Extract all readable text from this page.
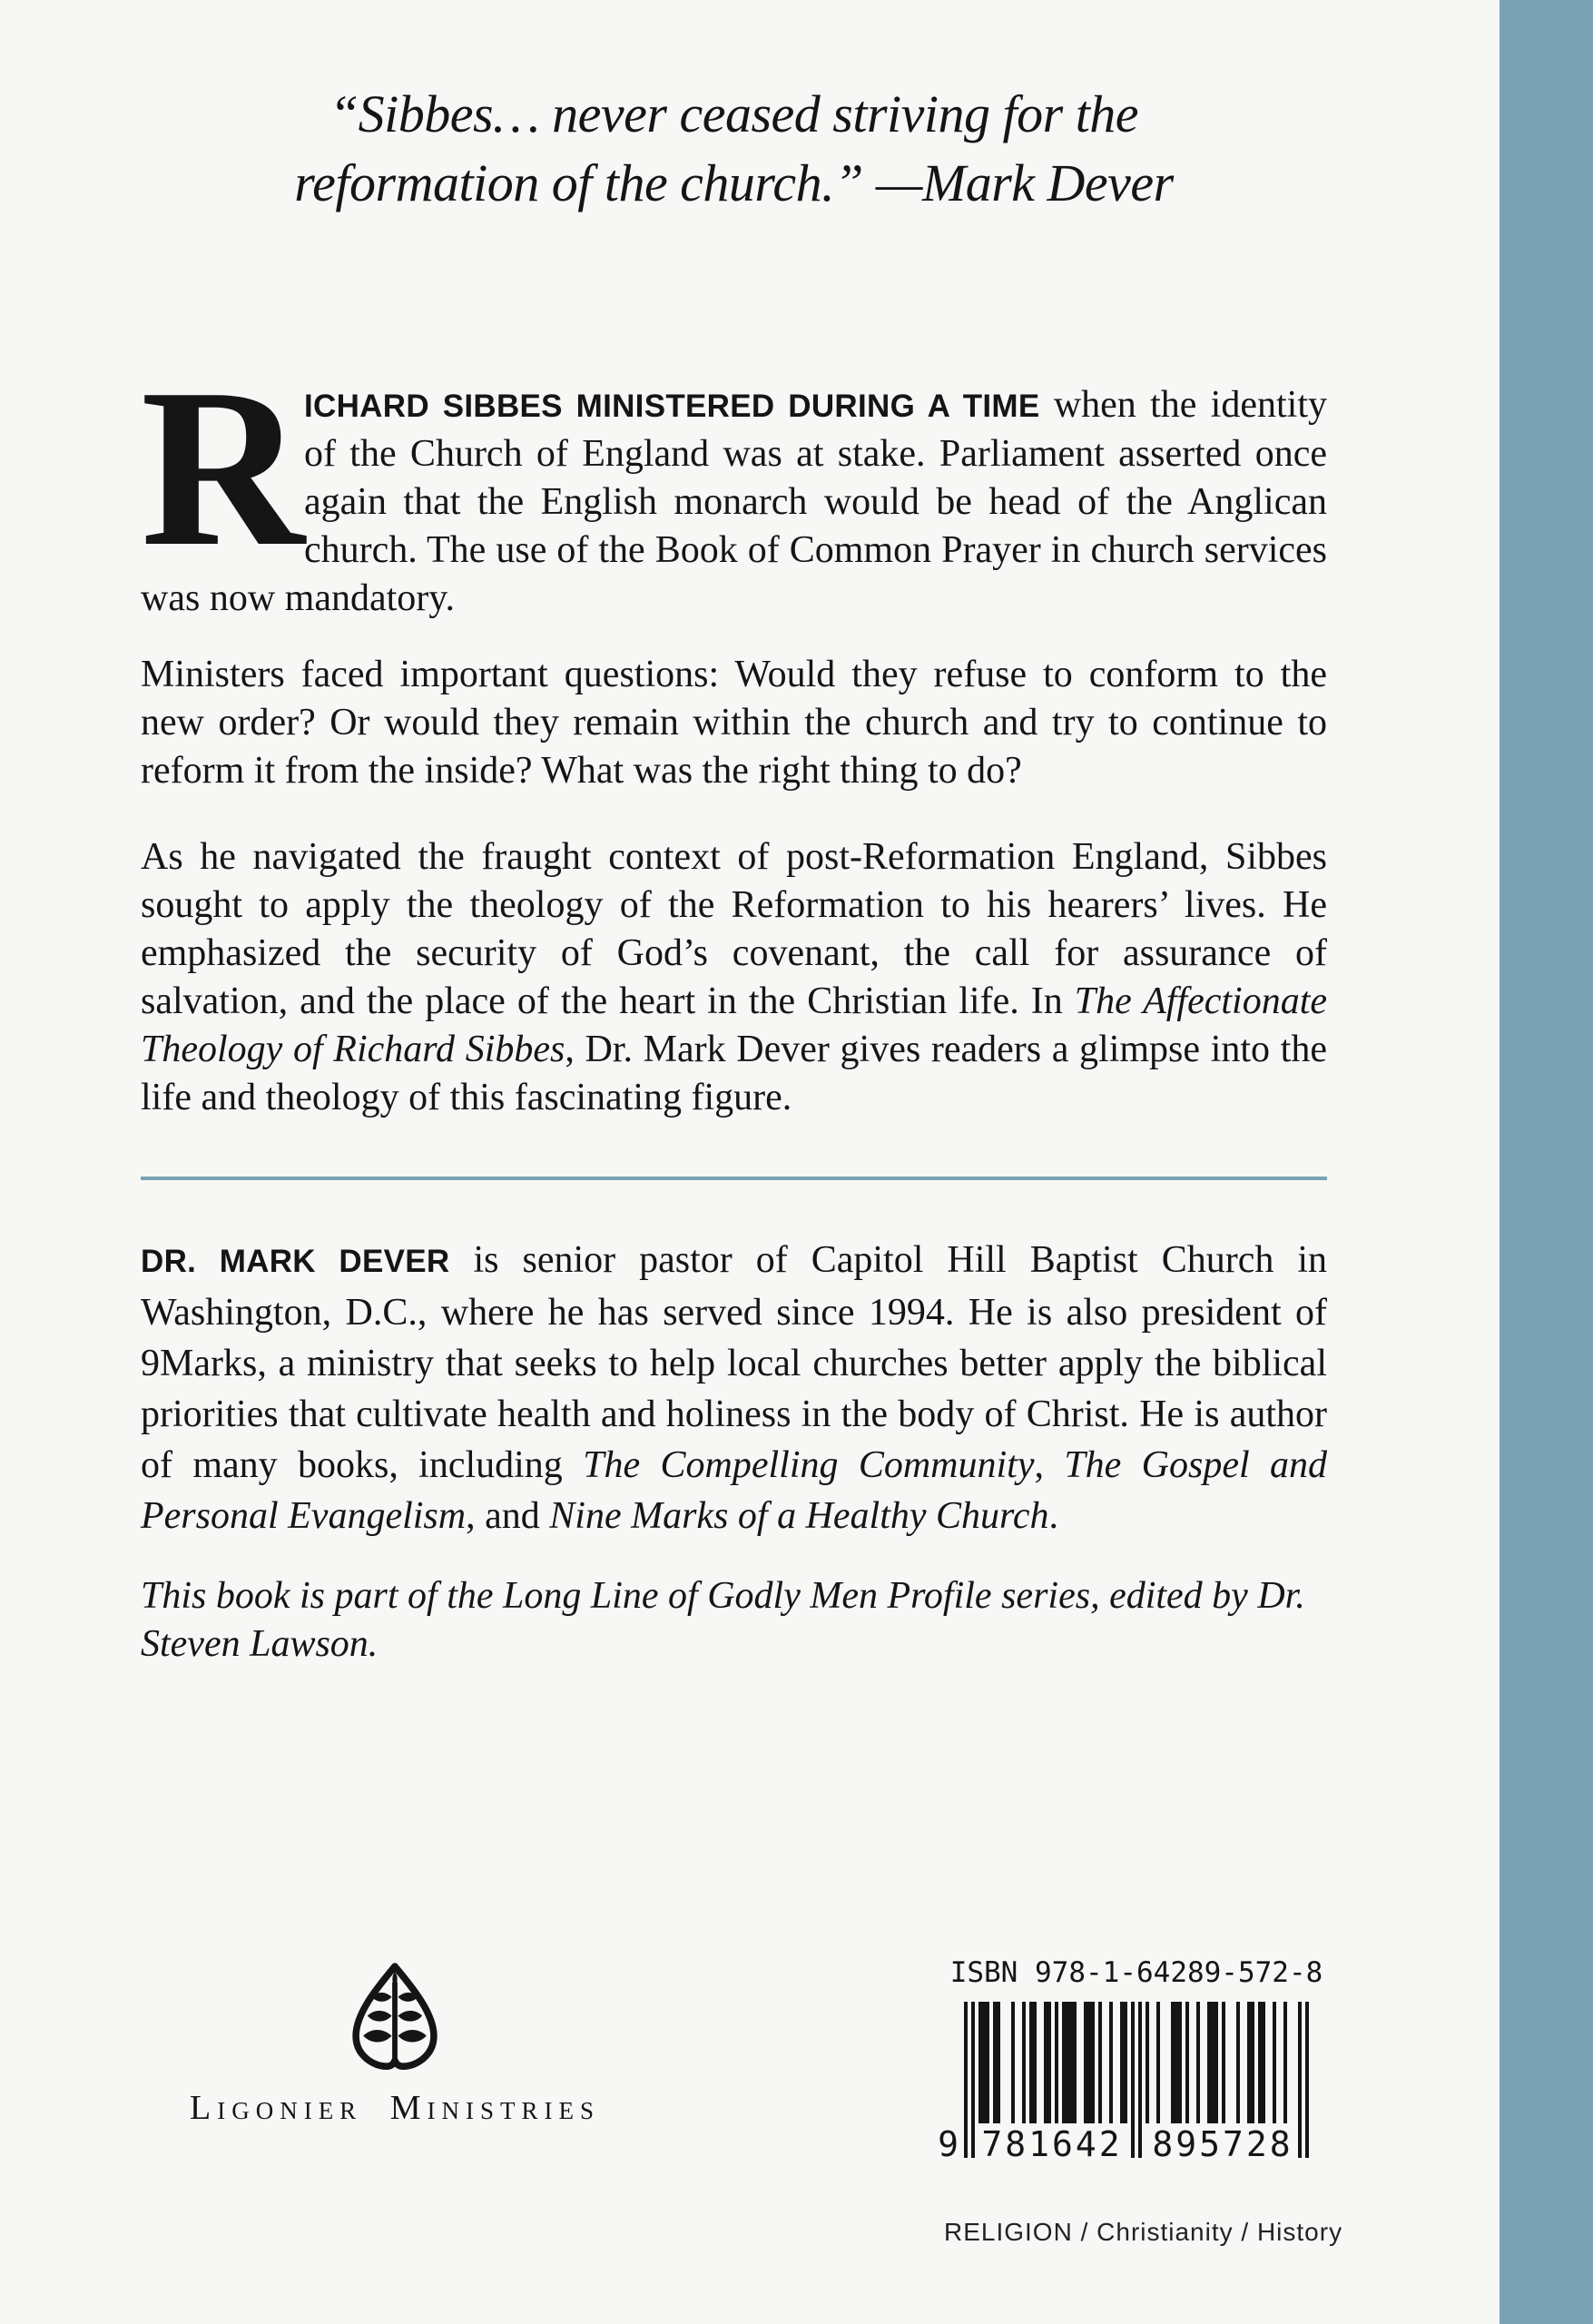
“Sibbes… never ceased striving for the
reformation of the church.” —Mark Dever

RICHARD SIBBES MINISTERED DURING A TIME when the identity of the Church of England was at stake. Parliament asserted once again that the English monarch would be head of the Anglican church. The use of the Book of Common Prayer in church services was now mandatory.

Ministers faced important questions: Would they refuse to conform to the new order? Or would they remain within the church and try to continue to reform it from the inside? What was the right thing to do?

As he navigated the fraught context of post-Reformation England, Sibbes sought to apply the theology of the Reformation to his hearers’ lives. He emphasized the security of God’s covenant, the call for assurance of salvation, and the place of the heart in the Christian life. In The Affectionate Theology of Richard Sibbes, Dr. Mark Dever gives readers a glimpse into the life and theology of this fascinating figure.

DR. MARK DEVER is senior pastor of Capitol Hill Baptist Church in Washington, D.C., where he has served since 1994. He is also president of 9Marks, a ministry that seeks to help local churches better apply the biblical priorities that cultivate health and holiness in the body of Christ. He is author of many books, including The Compelling Community, The Gospel and Personal Evangelism, and Nine Marks of a Healthy Church.

This book is part of the Long Line of Godly Men Profile series, edited by Dr. Steven Lawson.

Ligonier Ministries
ISBN 978-1-64289-572-8
9 781642 895728
RELIGION / Christianity / History
